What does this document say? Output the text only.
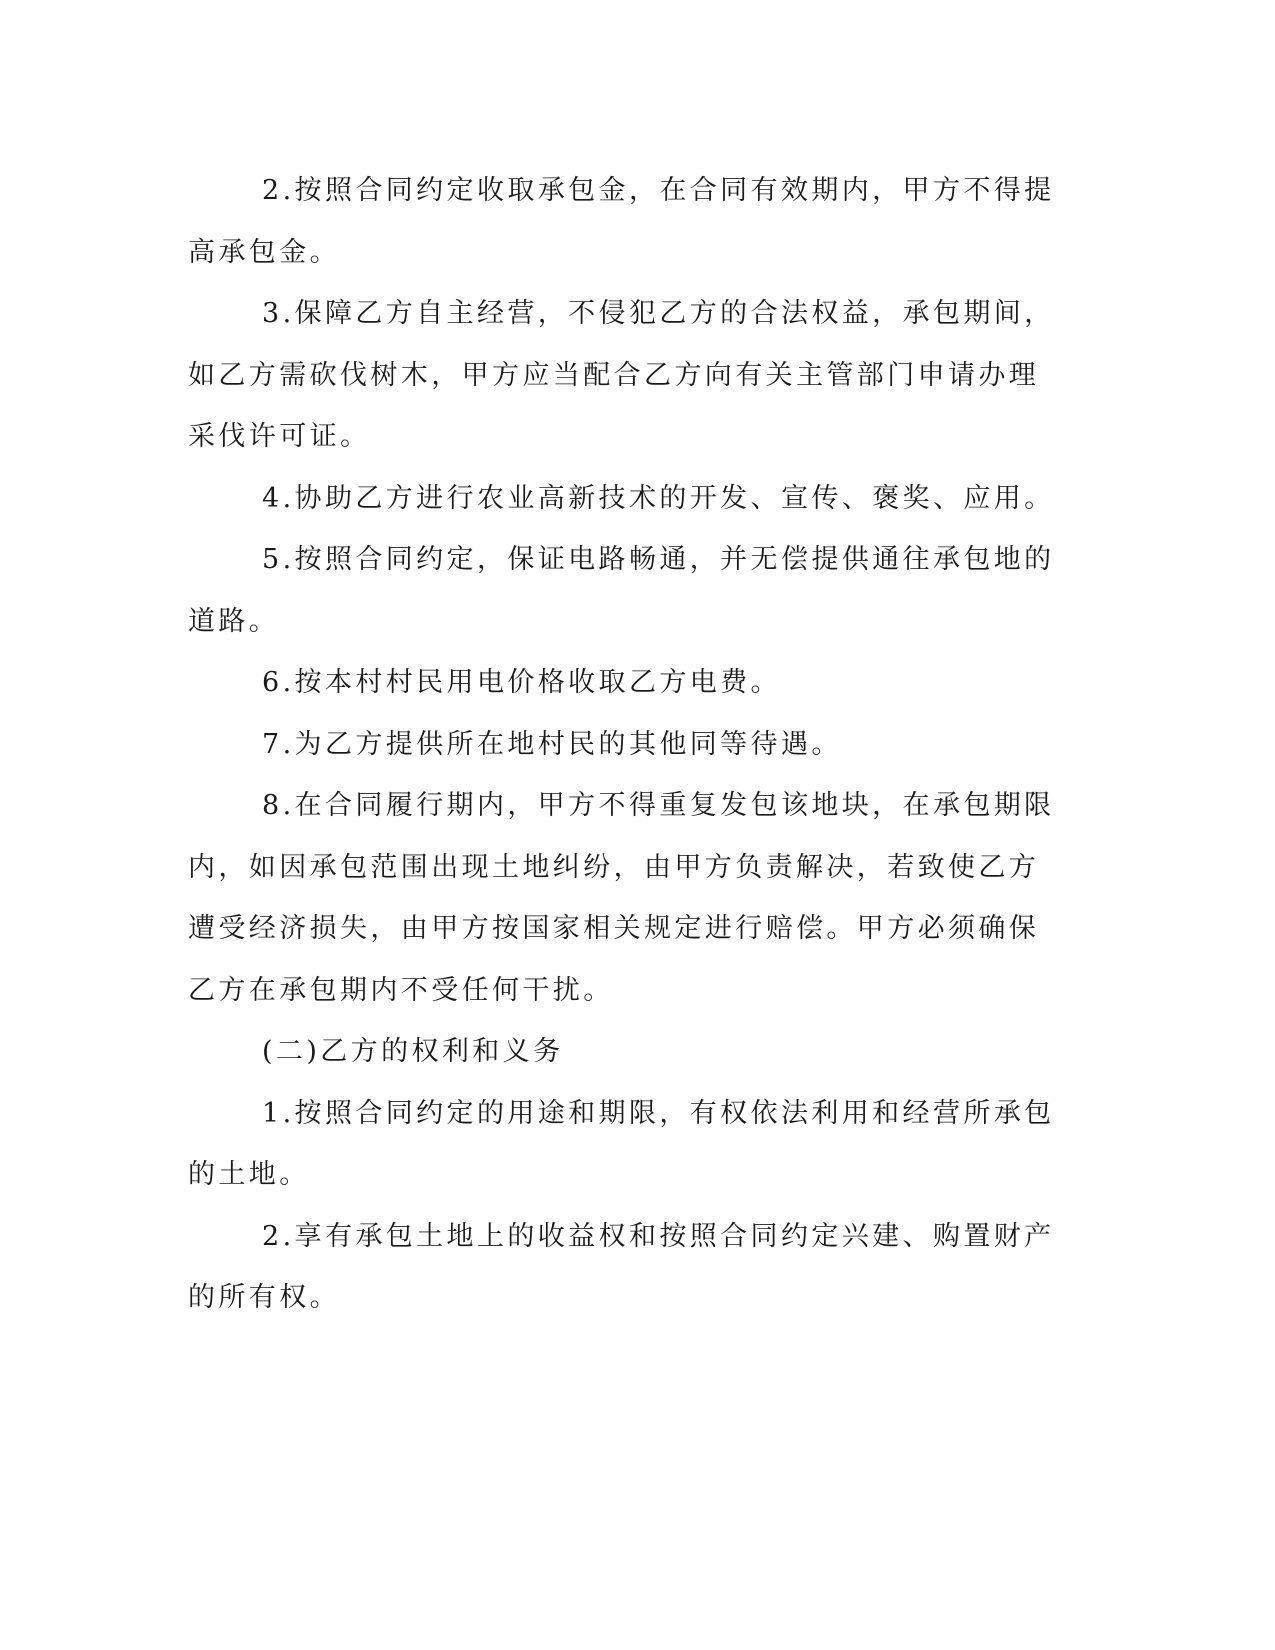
2.按照合同约定收取承包金，在合同有效期内，甲方不得提高承包金。

3.保障乙方自主经营，不侵犯乙方的合法权益，承包期间，如乙方需砍伐树木，甲方应当配合乙方向有关主管部门申请办理采伐许可证。

4.协助乙方进行农业高新技术的开发、宣传、褒奖、应用。

5.按照合同约定，保证电路畅通，并无偿提供通往承包地的道路。

6.按本村村民用电价格收取乙方电费。

7.为乙方提供所在地村民的其他同等待遇。

8.在合同履行期内，甲方不得重复发包该地块，在承包期限内，如因承包范围出现土地纠纷，由甲方负责解决，若致使乙方遭受经济损失，由甲方按国家相关规定进行赔偿。甲方必须确保乙方在承包期内不受任何干扰。

(二)乙方的权利和义务

1.按照合同约定的用途和期限，有权依法利用和经营所承包的土地。

2.享有承包土地上的收益权和按照合同约定兴建、购置财产的所有权。
